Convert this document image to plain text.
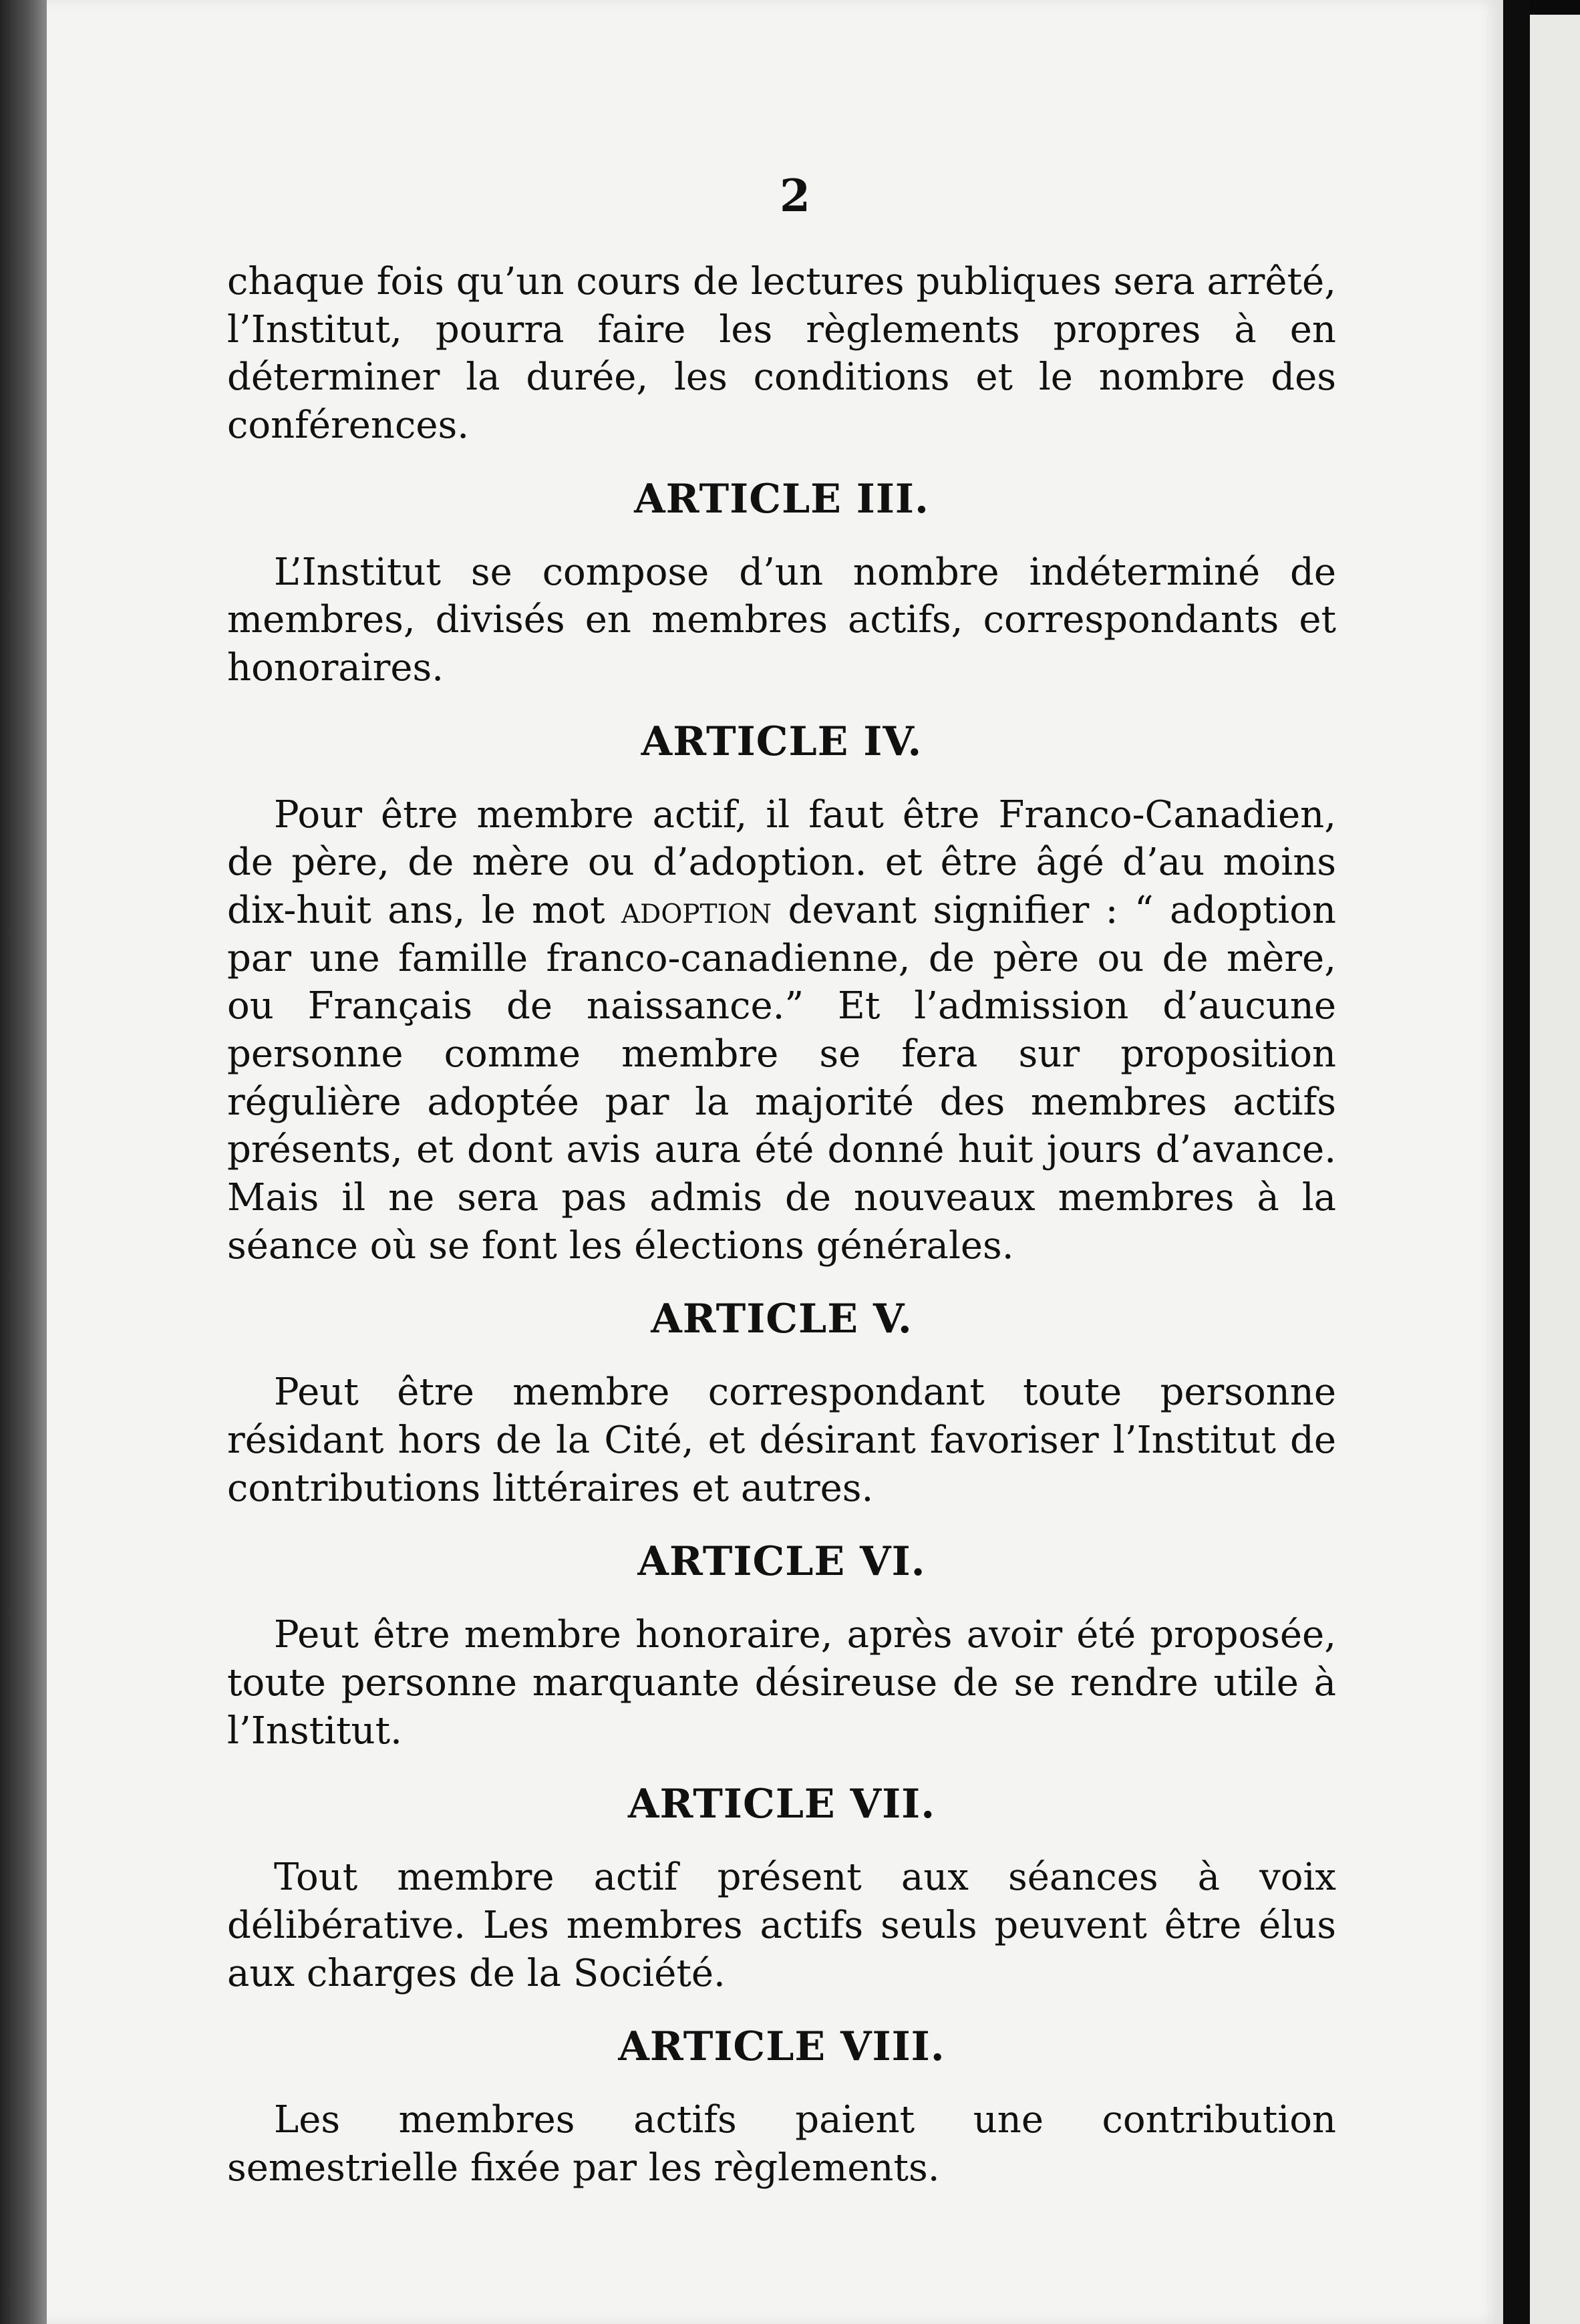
2

chaque fois qu’un cours de lectures publiques sera arrêté, l’Institut, pourra faire les règlements propres à en déterminer la durée, les conditions et le nombre des conférences.

ARTICLE III.

L’Institut se compose d’un nombre indéterminé de membres, divisés en membres actifs, correspondants et honoraires.

ARTICLE IV.

Pour être membre actif, il faut être Franco-Canadien, de père, de mère ou d’adoption. et être âgé d’au moins dix-huit ans, le mot adoption devant signifier : “ adoption par une famille franco-canadienne, de père ou de mère, ou Français de naissance.” Et l’admission d’aucune personne comme membre se fera sur proposition régulière adoptée par la majorité des membres actifs présents, et dont avis aura été donné huit jours d’avance. Mais il ne sera pas admis de nouveaux membres à la séance où se font les élections générales.

ARTICLE V.

Peut être membre correspondant toute personne résidant hors de la Cité, et désirant favoriser l’Institut de contributions littéraires et autres.

ARTICLE VI.

Peut être membre honoraire, après avoir été proposée, toute personne marquante désireuse de se rendre utile à l’Institut.

ARTICLE VII.

Tout membre actif présent aux séances à voix délibérative. Les membres actifs seuls peuvent être élus aux charges de la Société.

ARTICLE VIII.

Les membres actifs paient une contribution semestrielle fixée par les règlements.
